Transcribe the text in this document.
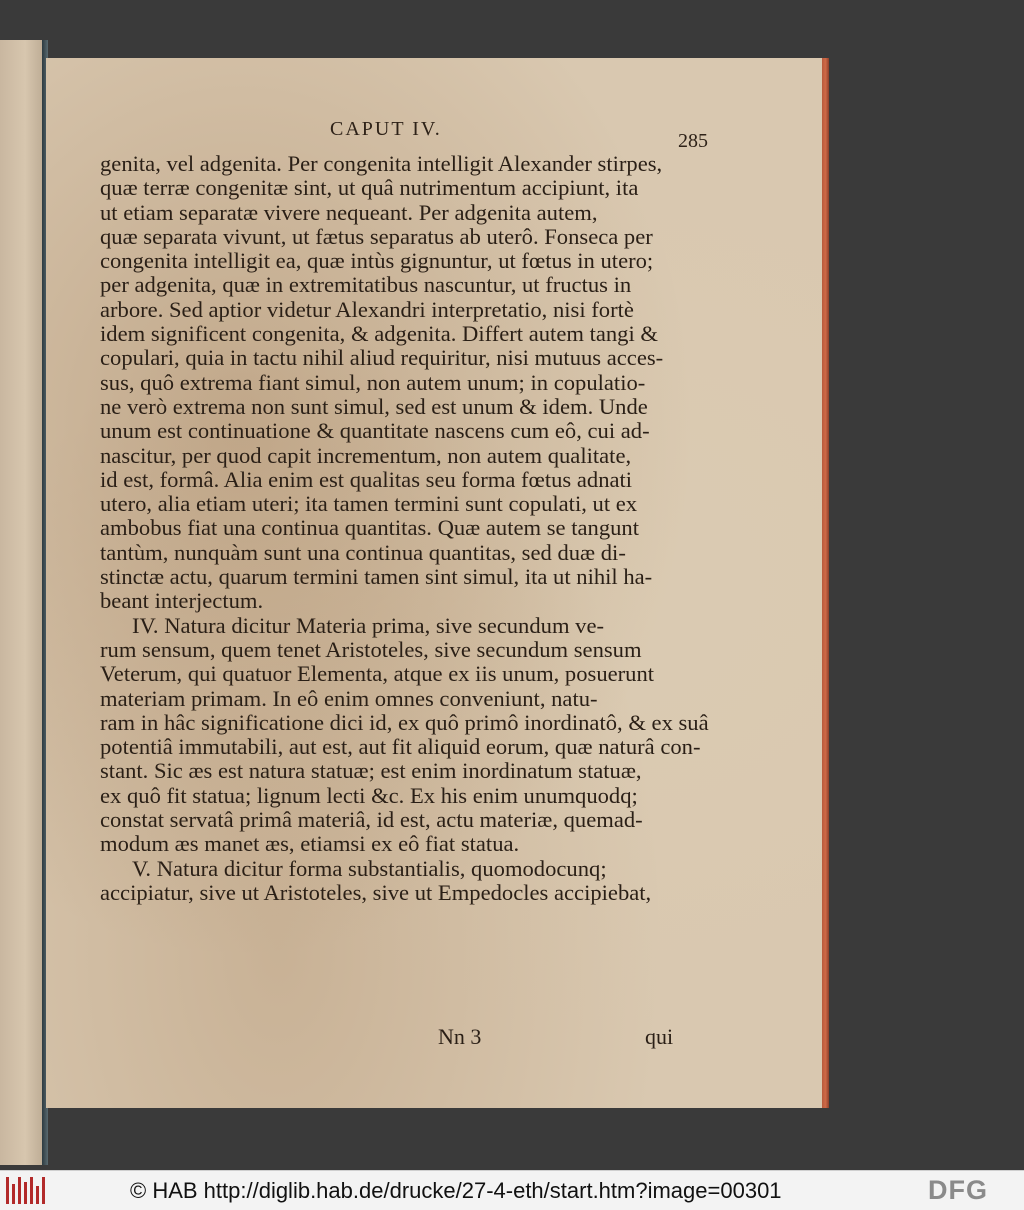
CAPUT IV.
285
genita, vel adgenita. Per congenita intelligit Alexander stirpes,
quæ terræ congenitæ sint, ut quâ nutrimentum accipiunt, ita
ut etiam separatæ vivere nequeant. Per adgenita autem,
quæ separata vivunt, ut fætus separatus ab uterô. Fonseca per
congenita intelligit ea, quæ intùs gignuntur, ut fœtus in utero;
per adgenita, quæ in extremitatibus nascuntur, ut fructus in
arbore. Sed aptior videtur Alexandri interpretatio, nisi fortè
idem significent congenita, & adgenita. Differt autem tangi &
copulari, quia in tactu nihil aliud requiritur, nisi mutuus acces-
sus, quô extrema fiant simul, non autem unum; in copulatio-
ne verò extrema non sunt simul, sed est unum & idem. Unde
unum est continuatione & quantitate nascens cum eô, cui ad-
nascitur, per quod capit incrementum, non autem qualitate,
id est, formâ. Alia enim est qualitas seu forma fœtus adnati
utero, alia etiam uteri; ita tamen termini sunt copulati, ut ex
ambobus fiat una continua quantitas. Quæ autem se tangunt
tantùm, nunquàm sunt una continua quantitas, sed duæ di-
stinctæ actu, quarum termini tamen sint simul, ita ut nihil ha-
beant interjectum.
IV. Natura dicitur Materia prima, sive secundum ve-
rum sensum, quem tenet Aristoteles, sive secundum sensum
Veterum, qui quatuor Elementa, atque ex iis unum, posuerunt
materiam primam. In eô enim omnes conveniunt, natu-
ram in hâc significatione dici id, ex quô primô inordinatô, & ex suâ
potentiâ immutabili, aut est, aut fit aliquid eorum, quæ naturâ con-
stant. Sic æs est natura statuæ; est enim inordinatum statuæ,
ex quô fit statua; lignum lecti &c. Ex his enim unumquodq;
constat servatâ primâ materiâ, id est, actu materiæ, quemad-
modum æs manet æs, etiamsi ex eô fiat statua.
V. Natura dicitur forma substantialis, quomodocunq;
accipiatur, sive ut Aristoteles, sive ut Empedocles accipiebat,
Nn 3	qui
© HAB http://diglib.hab.de/drucke/27-4-eth/start.htm?image=00301	DFG
